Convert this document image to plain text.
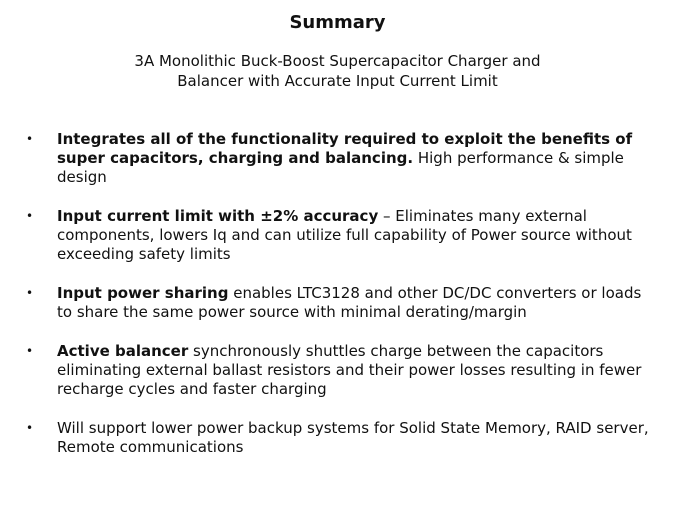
Summary
3A Monolithic Buck-Boost Supercapacitor Charger and
Balancer with Accurate Input Current Limit
• Integrates all of the functionality required to exploit the benefits of super capacitors, charging and balancing. High performance & simple design
• Input current limit with ±2% accuracy – Eliminates many external components, lowers Iq and can utilize full capability of Power source without exceeding safety limits
• Input power sharing enables LTC3128 and other DC/DC converters or loads to share the same power source with minimal derating/margin
• Active balancer synchronously shuttles charge between the capacitors eliminating external ballast resistors and their power losses resulting in fewer recharge cycles and faster charging
• Will support lower power backup systems for Solid State Memory, RAID server, Remote communications
